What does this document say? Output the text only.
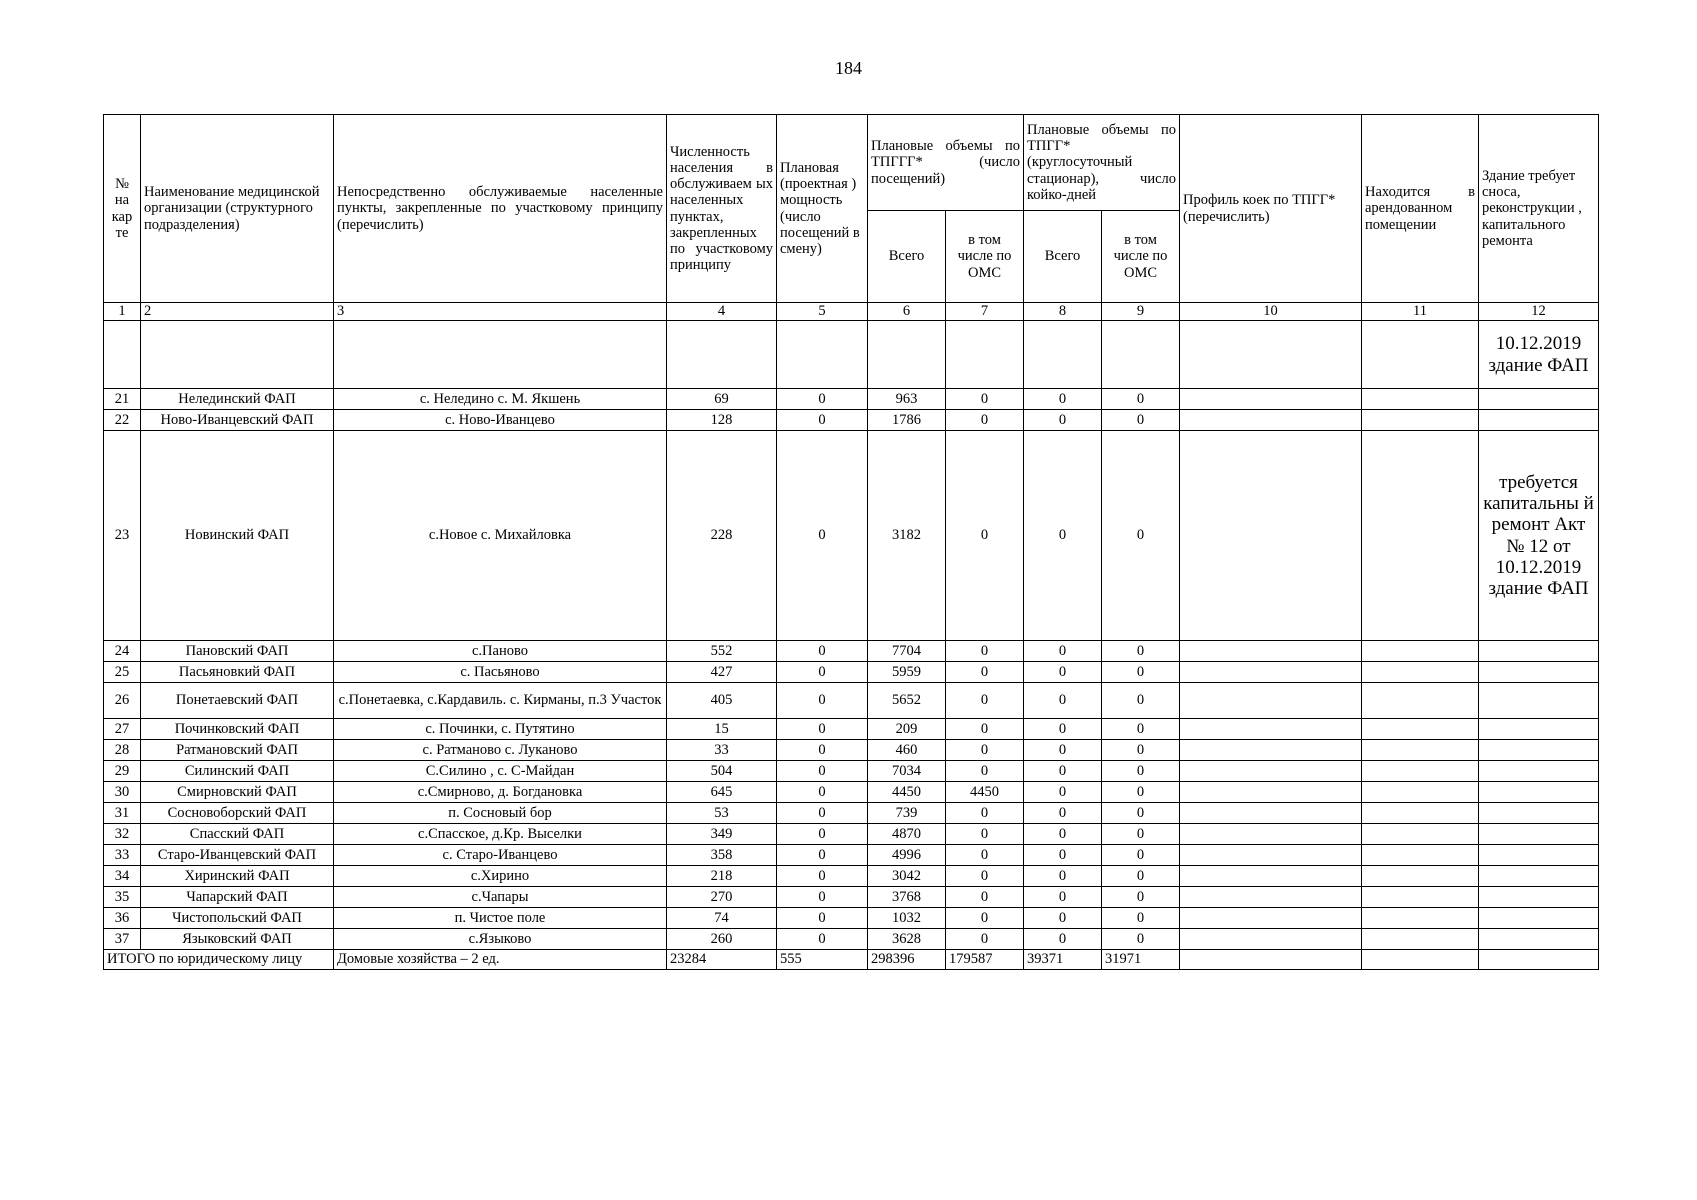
184
№ на кар те	Наименование медицинской организации (структурного подразделения)	Непосредственно обслуживаемые населенные пункты, закрепленные по участковому принципу (перечислить)	Численность населения в обслуживаем ых населенных пунктах, закрепленных по участковому принципу	Плановая (проектная ) мощность (число посещений в смену)	Плановые объемы по ТПГГГ* (число посещений)		Плановые объемы по ТПГГ* (круглосуточный стационар), число койко-дней		Профиль коек по ТПГГ* (перечислить)	Находится в арендованном помещении	Здание требует сноса, реконструкции , капитального ремонта
					Всего	в том числе по ОМС	Всего	в том числе по ОМС			
1	2	3	4	5	6	7	8	9	10	11	12
											10.12.2019 здание ФАП
21	Нелединский ФАП	с. Неледино с. М. Якшень	69	0	963	0	0	0			
22	Ново-Иванцевский ФАП	с. Ново-Иванцево	128	0	1786	0	0	0			
23	Новинский ФАП	с.Новое с. Михайловка	228	0	3182	0	0	0			требуется капитальны й ремонт Акт № 12 от 10.12.2019 здание ФАП
24	Пановский ФАП	с.Паново	552	0	7704	0	0	0			
25	Пасьяновкий ФАП	с. Пасьяново	427	0	5959	0	0	0			
26	Понетаевский ФАП	с.Понетаевка, с.Кардавиль. с. Кирманы, п.3 Участок	405	0	5652	0	0	0			
27	Починковский ФАП	с. Починки, с. Путятино	15	0	209	0	0	0			
28	Ратмановский ФАП	с. Ратманово с. Луканово	33	0	460	0	0	0			
29	Силинский ФАП	С.Силино , с. С-Майдан	504	0	7034	0	0	0			
30	Смирновский ФАП	с.Смирново, д. Богдановка	645	0	4450	4450	0	0			
31	Сосновоборский ФАП	п. Сосновый бор	53	0	739	0	0	0			
32	Спасский ФАП	с.Спасское, д.Кр. Выселки	349	0	4870	0	0	0			
33	Старо-Иванцевский ФАП	с. Старо-Иванцево	358	0	4996	0	0	0			
34	Хиринский ФАП	с.Хирино	218	0	3042	0	0	0			
35	Чапарский ФАП	с.Чапары	270	0	3768	0	0	0			
36	Чистопольский ФАП	п. Чистое поле	74	0	1032	0	0	0			
37	Языковский ФАП	с.Языково	260	0	3628	0	0	0			
ИТОГО по юридическому лицу		Домовые хозяйства – 2 ед.	23284	555	298396	179587	39371	31971			
